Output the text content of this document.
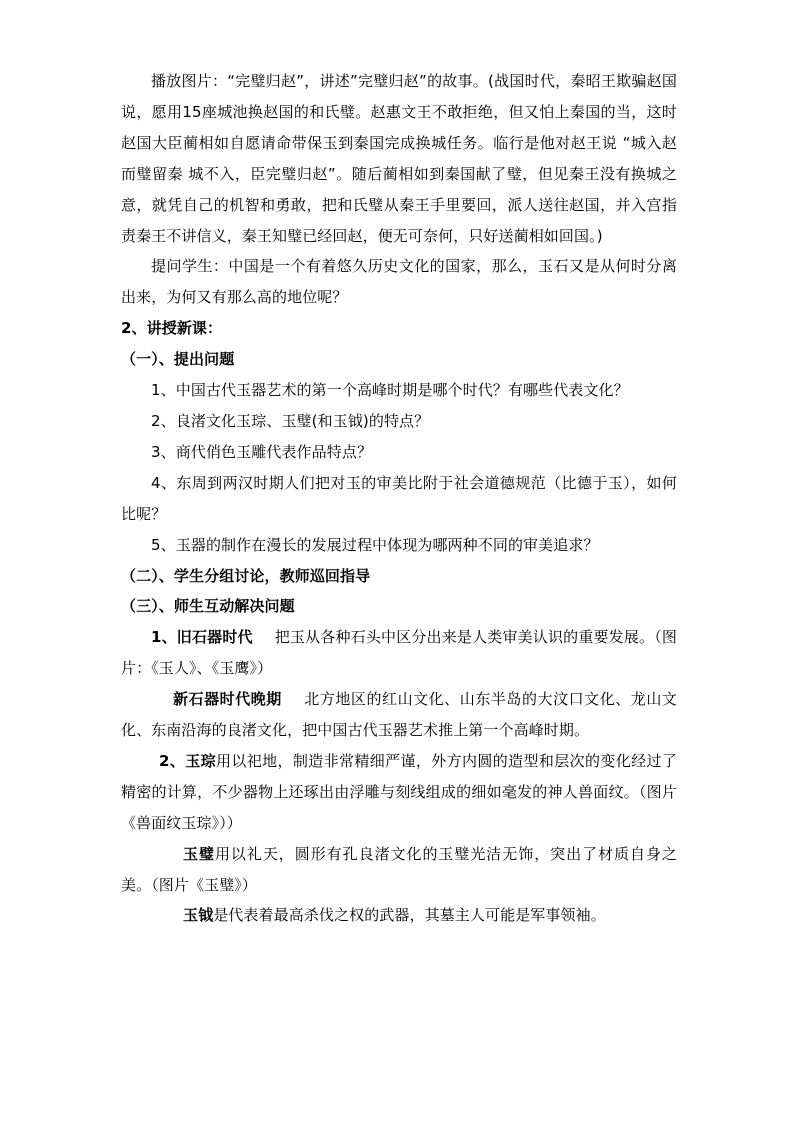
播放图片：“完璧归赵”，讲述”完璧归赵”的故事。(战国时代，秦昭王欺骗赵国说，愿用15座城池换赵国的和氏璧。赵惠文王不敢拒绝，但又怕上秦国的当，这时赵国大臣蔺相如自愿请命带保玉到秦国完成换城任务。临行是他对赵王说 “城入赵而璧留秦 城不入，臣完璧归赵”。随后蔺相如到秦国献了璧，但见秦王没有换城之意，就凭自己的机智和勇敢，把和氏璧从秦王手里要回，派人送往赵国，并入宫指责秦王不讲信义，秦王知璧已经回赵，便无可奈何，只好送蔺相如回国。)

提问学生：中国是一个有着悠久历史文化的国家，那么，玉石又是从何时分离出来，为何又有那么高的地位呢？

2、讲授新课：

（一）、提出问题

1、中国古代玉器艺术的第一个高峰时期是哪个时代？有哪些代表文化？

2、良渚文化玉琮、玉璧(和玉钺)的特点？

3、商代俏色玉雕代表作品特点？

4、东周到两汉时期人们把对玉的审美比附于社会道德规范（比德于玉），如何比呢？

5、玉器的制作在漫长的发展过程中体现为哪两种不同的审美追求？

（二）、学生分组讨论，教师巡回指导

（三）、师生互动解决问题

1、旧石器时代 把玉从各种石头中区分出来是人类审美认识的重要发展。（图片：《玉人》、《玉鹰》）

新石器时代晚期 北方地区的红山文化、山东半岛的大汶口文化、龙山文化、东南沿海的良渚文化，把中国古代玉器艺术推上第一个高峰时期。

2、玉琮用以祀地，制造非常精细严谨，外方内圆的造型和层次的变化经过了精密的计算，不少器物上还琢出由浮雕与刻线组成的细如毫发的神人兽面纹。（图片《兽面纹玉琮》））

玉璧用以礼天，圆形有孔良渚文化的玉璧光洁无饰，突出了材质自身之美。（图片《玉璧》）

玉钺是代表着最高杀伐之权的武器，其墓主人可能是军事领袖。
